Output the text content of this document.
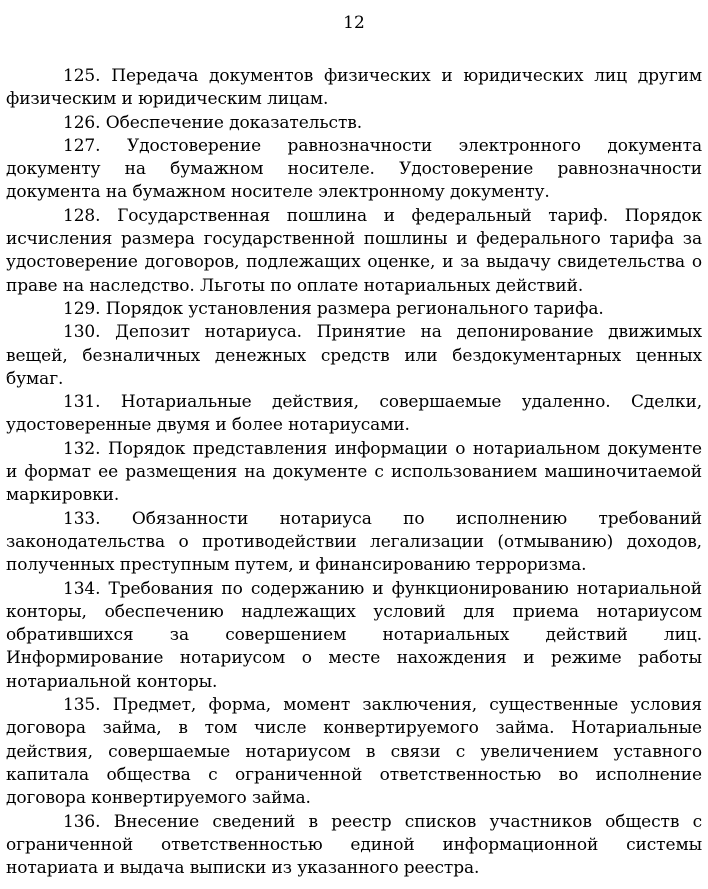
12

125. Передача документов физических и юридических лиц другим физическим и юридическим лицам.

126. Обеспечение доказательств.

127. Удостоверение равнозначности электронного документа документу на бумажном носителе. Удостоверение равнозначности документа на бумажном носителе электронному документу.

128. Государственная пошлина и федеральный тариф. Порядок исчисления размера государственной пошлины и федерального тарифа за удостоверение договоров, подлежащих оценке, и за выдачу свидетельства о праве на наследство. Льготы по оплате нотариальных действий.

129. Порядок установления размера регионального тарифа.

130. Депозит нотариуса. Принятие на депонирование движимых вещей, безналичных денежных средств или бездокументарных ценных бумаг.

131. Нотариальные действия, совершаемые удаленно. Сделки, удостоверенные двумя и более нотариусами.

132. Порядок представления информации о нотариальном документе и формат ее размещения на документе с использованием машиночитаемой маркировки.

133. Обязанности нотариуса по исполнению требований законодательства о противодействии легализации (отмыванию) доходов, полученных преступным путем, и финансированию терроризма.

134. Требования по содержанию и функционированию нотариальной конторы, обеспечению надлежащих условий для приема нотариусом обратившихся за совершением нотариальных действий лиц. Информирование нотариусом о месте нахождения и режиме работы нотариальной конторы.

135. Предмет, форма, момент заключения, существенные условия договора займа, в том числе конвертируемого займа. Нотариальные действия, совершаемые нотариусом в связи с увеличением уставного капитала общества с ограниченной ответственностью во исполнение договора конвертируемого займа.

136. Внесение сведений в реестр списков участников обществ с ограниченной ответственностью единой информационной системы нотариата и выдача выписки из указанного реестра.
